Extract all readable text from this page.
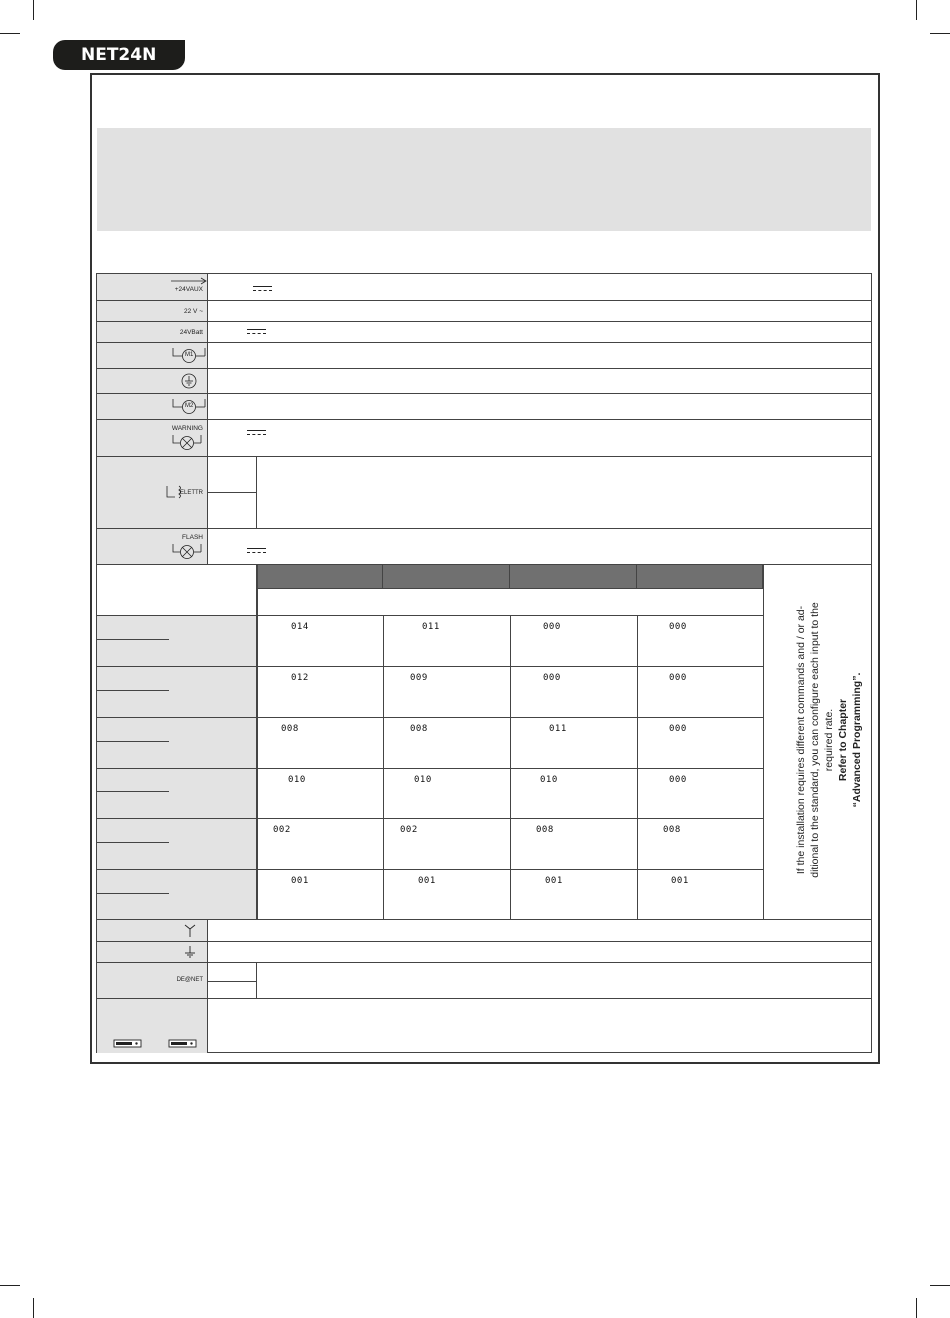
NET24N
+24VAUX
22 V ~
24VBatt
M1
M2
WARNING
ELETTR
FLASH
014	011	000	000
012	009	000	000
008	008	011	000
010	010	010	000
002	002	008	008
001	001	001	001
DE@NET
If the installation requires different commands and / or ad- ditional to the standard, you can configure each input to the required rate. Refer to Chapter “Advanced Programming”.
